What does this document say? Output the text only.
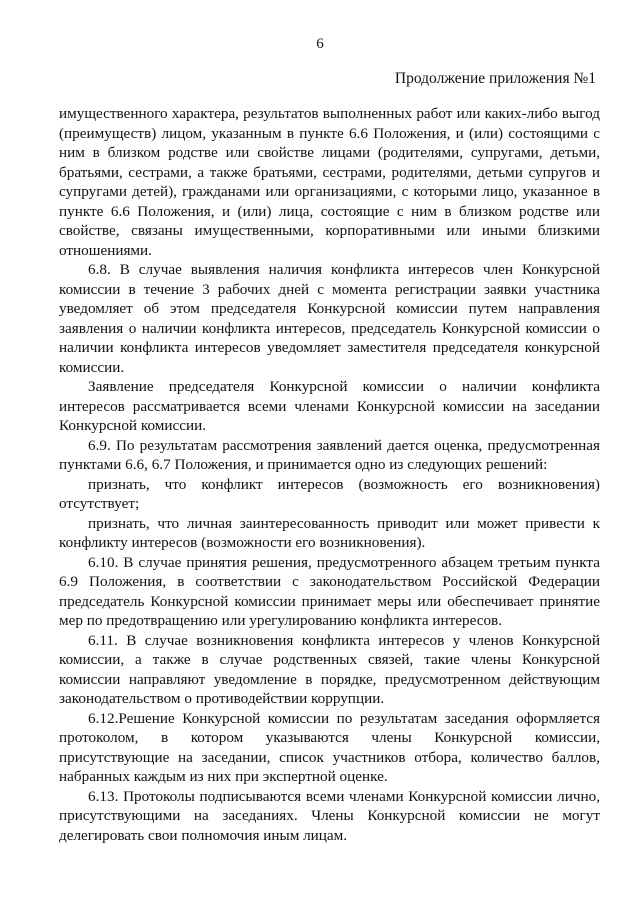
6
Продолжение приложения №1

имущественного характера, результатов выполненных работ или каких-либо выгод (преимуществ) лицом, указанным в пункте 6.6 Положения, и (или) состоящими с ним в близком родстве или свойстве лицами (родителями, супругами, детьми, братьями, сестрами, а также братьями, сестрами, родителями, детьми супругов и супругами детей), гражданами или организациями, с которыми лицо, указанное в пункте 6.6 Положения, и (или) лица, состоящие с ним в близком родстве или свойстве, связаны имущественными, корпоративными или иными близкими отношениями.

6.8. В случае выявления наличия конфликта интересов член Конкурсной комиссии в течение 3 рабочих дней с момента регистрации заявки участника уведомляет об этом председателя Конкурсной комиссии путем направления заявления о наличии конфликта интересов, председатель Конкурсной комиссии о наличии конфликта интересов уведомляет заместителя председателя конкурсной комиссии.

Заявление председателя Конкурсной комиссии о наличии конфликта интересов рассматривается всеми членами Конкурсной комиссии на заседании Конкурсной комиссии.

6.9. По результатам рассмотрения заявлений дается оценка, предусмотренная пунктами 6.6, 6.7 Положения, и принимается одно из следующих решений:

признать, что конфликт интересов (возможность его возникновения) отсутствует;

признать, что личная заинтересованность приводит или может привести к конфликту интересов (возможности его возникновения).

6.10. В случае принятия решения, предусмотренного абзацем третьим пункта 6.9 Положения, в соответствии с законодательством Российской Федерации председатель Конкурсной комиссии принимает меры или обеспечивает принятие мер по предотвращению или урегулированию конфликта интересов.

6.11. В случае возникновения конфликта интересов у членов Конкурсной комиссии, а также в случае родственных связей, такие члены Конкурсной комиссии направляют уведомление в порядке, предусмотренном действующим законодательством о противодействии коррупции.

6.12.Решение Конкурсной комиссии по результатам заседания оформляется протоколом, в котором указываются члены Конкурсной комиссии, присутствующие на заседании, список участников отбора, количество баллов, набранных каждым из них при экспертной оценке.

6.13. Протоколы подписываются всеми членами Конкурсной комиссии лично, присутствующими на заседаниях. Члены Конкурсной комиссии не могут делегировать свои полномочия иным лицам.
